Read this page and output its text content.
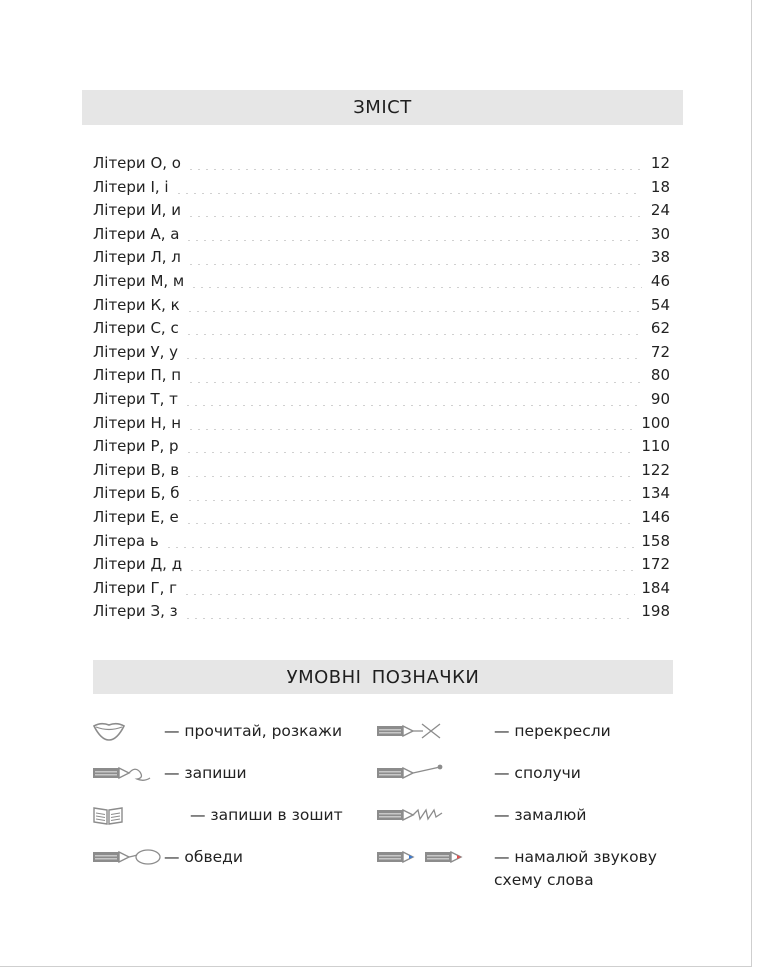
ЗМІСТ
Літери О, о	12
Літери І, і	18
Літери И, и	24
Літери А, а	30
Літери Л, л	38
Літери М, м	46
Літери К, к	54
Літери С, с	62
Літери У, у	72
Літери П, п	80
Літери Т, т	90
Літери Н, н	100
Літери Р, р	110
Літери В, в	122
Літери Б, б	134
Літери Е, е	146
Літера ь	158
Літери Д, д	172
Літери Г, г	184
Літери З, з	198
УМОВНІ ПОЗНАЧКИ
— прочитай, розкажи
— запиши
— запиши в зошит
— обведи
— перекресли
— сполучи
— замалюй
— намалюй звукову
схему слова
